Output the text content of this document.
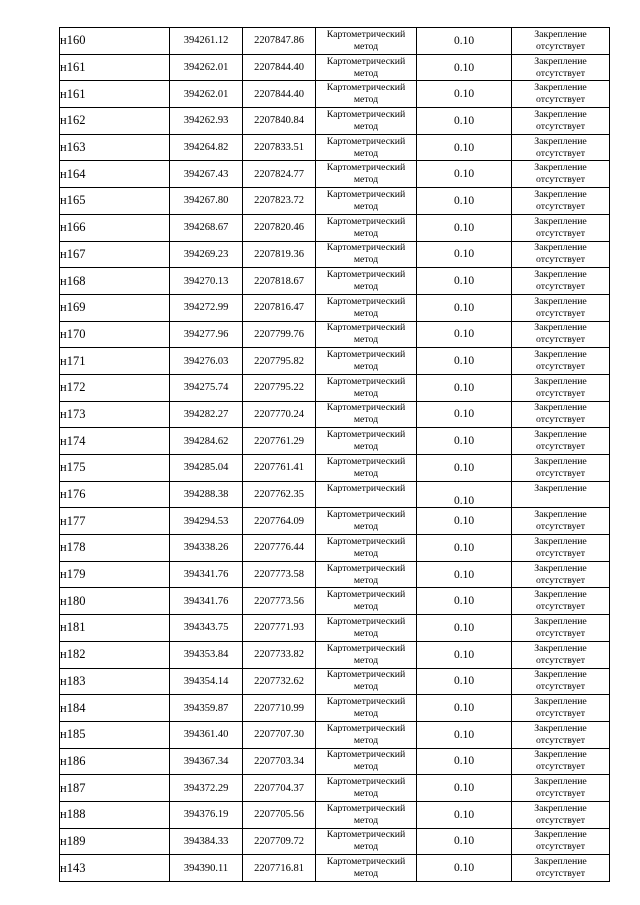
н160	394261.12	2207847.86	Картометрический
метод	0.10	Закрепление
отсутствует

н161	394262.01	2207844.40	Картометрический
метод	0.10	Закрепление
отсутствует

н161	394262.01	2207844.40	Картометрический
метод	0.10	Закрепление
отсутствует

н162	394262.93	2207840.84	Картометрический
метод	0.10	Закрепление
отсутствует

н163	394264.82	2207833.51	Картометрический
метод	0.10	Закрепление
отсутствует

н164	394267.43	2207824.77	Картометрический
метод	0.10	Закрепление
отсутствует

н165	394267.80	2207823.72	Картометрический
метод	0.10	Закрепление
отсутствует

н166	394268.67	2207820.46	Картометрический
метод	0.10	Закрепление
отсутствует

н167	394269.23	2207819.36	Картометрический
метод	0.10	Закрепление
отсутствует

н168	394270.13	2207818.67	Картометрический
метод	0.10	Закрепление
отсутствует

н169	394272.99	2207816.47	Картометрический
метод	0.10	Закрепление
отсутствует

н170	394277.96	2207799.76	Картометрический
метод	0.10	Закрепление
отсутствует

н171	394276.03	2207795.82	Картометрический
метод	0.10	Закрепление
отсутствует

н172	394275.74	2207795.22	Картометрический
метод	0.10	Закрепление
отсутствует

н173	394282.27	2207770.24	Картометрический
метод	0.10	Закрепление
отсутствует

н174	394284.62	2207761.29	Картометрический
метод	0.10	Закрепление
отсутствует

н175	394285.04	2207761.41	Картометрический
метод	0.10	Закрепление
отсутствует

н176	394288.38	2207762.35	Картометрический	0.10	Закрепление

н177	394294.53	2207764.09	Картометрический
метод	0.10	Закрепление
отсутствует

н178	394338.26	2207776.44	Картометрический
метод	0.10	Закрепление
отсутствует

н179	394341.76	2207773.58	Картометрический
метод	0.10	Закрепление
отсутствует

н180	394341.76	2207773.56	Картометрический
метод	0.10	Закрепление
отсутствует

н181	394343.75	2207771.93	Картометрический
метод	0.10	Закрепление
отсутствует

н182	394353.84	2207733.82	Картометрический
метод	0.10	Закрепление
отсутствует

н183	394354.14	2207732.62	Картометрический
метод	0.10	Закрепление
отсутствует

н184	394359.87	2207710.99	Картометрический
метод	0.10	Закрепление
отсутствует

н185	394361.40	2207707.30	Картометрический
метод	0.10	Закрепление
отсутствует

н186	394367.34	2207703.34	Картометрический
метод	0.10	Закрепление
отсутствует

н187	394372.29	2207704.37	Картометрический
метод	0.10	Закрепление
отсутствует

н188	394376.19	2207705.56	Картометрический
метод	0.10	Закрепление
отсутствует

н189	394384.33	2207709.72	Картометрический
метод	0.10	Закрепление
отсутствует

н143	394390.11	2207716.81	Картометрический
метод	0.10	Закрепление
отсутствует
